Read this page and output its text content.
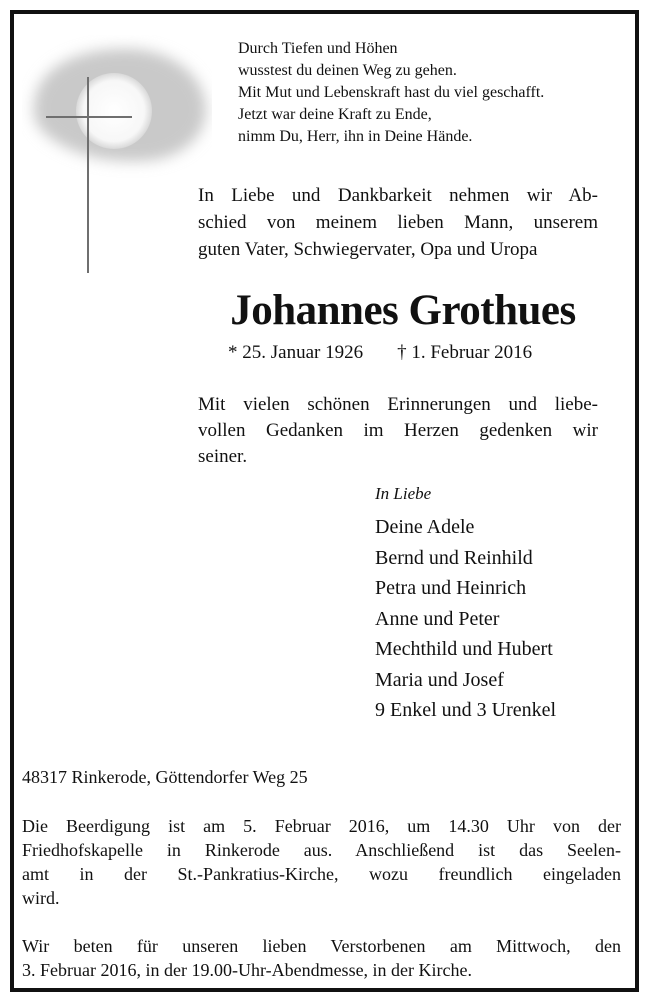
Durch Tiefen und Höhen
wusstest du deinen Weg zu gehen.
Mit Mut und Lebenskraft hast du viel geschafft.
Jetzt war deine Kraft zu Ende,
nimm Du, Herr, ihn in Deine Hände.
In Liebe und Dankbarkeit nehmen wir Ab-
schied von meinem lieben Mann, unserem
guten Vater, Schwiegervater, Opa und Uropa
Johannes Grothues
* 25. Januar 1926 † 1. Februar 2016
Mit vielen schönen Erinnerungen und liebe-
vollen Gedanken im Herzen gedenken wir
seiner.
In Liebe
Deine Adele
Bernd und Reinhild
Petra und Heinrich
Anne und Peter
Mechthild und Hubert
Maria und Josef
9 Enkel und 3 Urenkel
48317 Rinkerode, Göttendorfer Weg 25

Die Beerdigung ist am 5. Februar 2016, um 14.30 Uhr von der
Friedhofskapelle in Rinkerode aus. Anschließend ist das Seelen-
amt in der St.-Pankratius-Kirche, wozu freundlich eingeladen
wird.

Wir beten für unseren lieben Verstorbenen am Mittwoch, den
3. Februar 2016, in der 19.00-Uhr-Abendmesse, in der Kirche.
